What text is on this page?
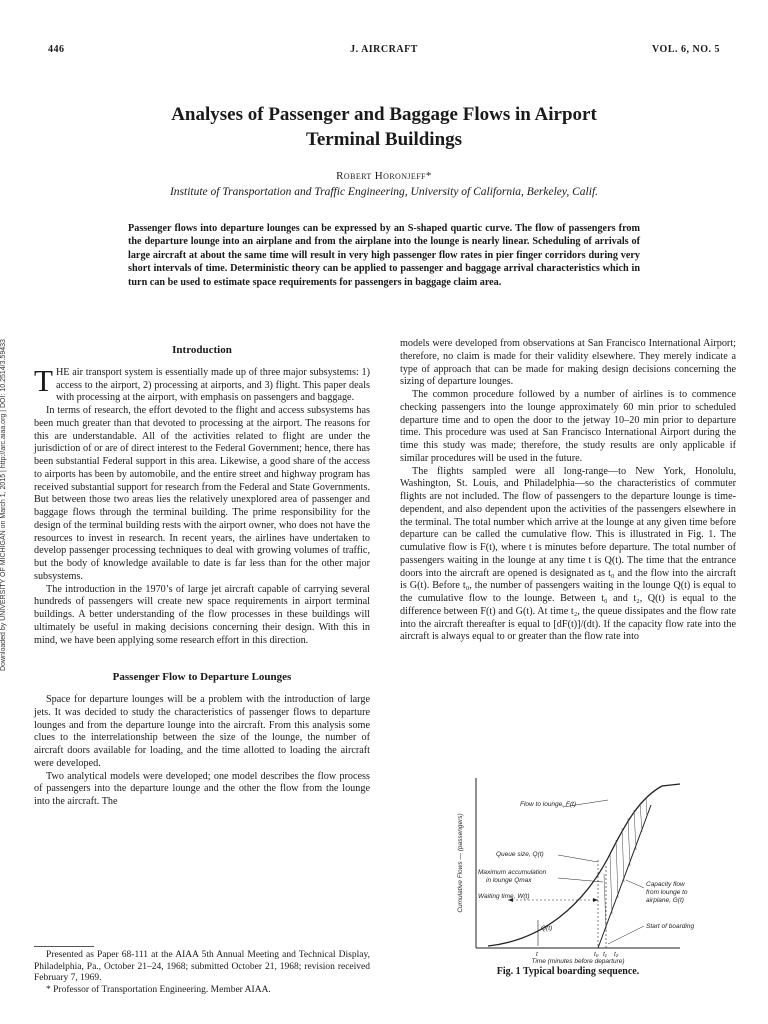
446	J. AIRCRAFT	VOL. 6, NO. 5
Downloaded by UNIVERSITY OF MICHIGAN on March 1, 2015 | http://arc.aiaa.org | DOI: 10.2514/3.59433
Analyses of Passenger and Baggage Flows in Airport
Terminal Buildings
Robert Horonjeff*
Institute of Transportation and Traffic Engineering, University of California, Berkeley, Calif.
Passenger flows into departure lounges can be expressed by an S-shaped quartic curve. The flow of passengers from the departure lounge into an airplane and from the airplane into the lounge is nearly linear. Scheduling of arrivals of large aircraft at about the same time will result in very high passenger flow rates in pier finger corridors during very short intervals of time. Deterministic theory can be applied to passenger and baggage arrival characteristics which in turn can be used to estimate space requirements for passengers in baggage claim area.
Introduction

THE air transport system is essentially made up of three major subsystems: 1) access to the airport, 2) processing at airports, and 3) flight. This paper deals with processing at the airport, with emphasis on passengers and baggage.

In terms of research, the effort devoted to the flight and access subsystems has been much greater than that devoted to processing at the airport. The reasons for this are understandable. All of the activities related to flight are under the jurisdiction of or are of direct interest to the Federal Government; hence, there has been substantial Federal support in this area. Likewise, a good share of the access to airports has been by automobile, and the entire street and highway program has received substantial support for research from the Federal and State Governments. But between those two areas lies the relatively unexplored area of passenger and baggage flows through the terminal building. The prime responsibility for the design of the terminal building rests with the airport owner, who does not have the resources to invest in research. In recent years, the airlines have undertaken to develop passenger processing techniques to deal with growing volumes of traffic, but the body of knowledge available to date is far less than for the other major subsystems.

The introduction in the 1970’s of large jet aircraft capable of carrying several hundreds of passengers will create new space requirements in airport terminal buildings. A better understanding of the flow processes in these buildings will ultimately be useful in making decisions concerning their design. With this in mind, we have been applying some research effort in this direction.

Passenger Flow to Departure Lounges

Space for departure lounges will be a problem with the introduction of large jets. It was decided to study the characteristics of passenger flows to departure lounges and from the departure lounge into the aircraft. From this analysis some clues to the interrelationship between the size of the lounge, the number of aircraft doors available for loading, and the time allotted to loading the aircraft were developed.

Two analytical models were developed; one model describes the flow process of passengers into the departure lounge and the other the flow from the lounge into the aircraft. The

Presented as Paper 68-111 at the AIAA 5th Annual Meeting and Technical Display, Philadelphia, Pa., October 21–24, 1968; submitted October 21, 1968; revision received February 7, 1969.

* Professor of Transportation Engineering. Member AIAA.

models were developed from observations at San Francisco International Airport; therefore, no claim is made for their validity elsewhere. They merely indicate a type of approach that can be made for making design decisions concerning the sizing of departure lounges.

The common procedure followed by a number of airlines is to commence checking passengers into the lounge approximately 60 min prior to scheduled departure time and to open the door to the jetway 10–20 min prior to departure time. This procedure was used at San Francisco International Airport during the time this study was made; therefore, the study results are only applicable if similar procedures will be used in the future.

The flights sampled were all long-range—to New York, Honolulu, Washington, St. Louis, and Philadelphia—so the characteristics of commuter flights are not included. The flow of passengers to the departure lounge is time-dependent, and also dependent upon the activities of the passengers elsewhere in the terminal. The total number which arrive at the lounge at any given time before departure can be called the cumulative flow. This is illustrated in Fig. 1. The cumulative flow is F(t), where t is minutes before departure. The total number of passengers waiting in the lounge at any time t is Q(t). The time that the entrance doors into the aircraft are opened is designated as t₀ and the flow into the aircraft is G(t). Before t₀, the number of passengers waiting in the lounge Q(t) is equal to the cumulative flow to the lounge. Between t₀ and t₂, Q(t) is equal to the difference between F(t) and G(t). At time t₂, the queue dissipates and the flow rate into the aircraft thereafter is equal to [dF(t)]/(dt). If the capacity flow rate into the aircraft is always equal to or greater than the flow rate into

Cumulative Flows — (passengers)
Flow to lounge, F(t)
Queue size, Q(t)
Maximum accumulation
in lounge Qmax
Waiting time, W(t)
Capacity flow
from lounge to
airplane, G(t)
Start of boarding
Q(t)
t	t₀ t₁ t₂
Time (minutes before departure)
Fig. 1 Typical boarding sequence.
